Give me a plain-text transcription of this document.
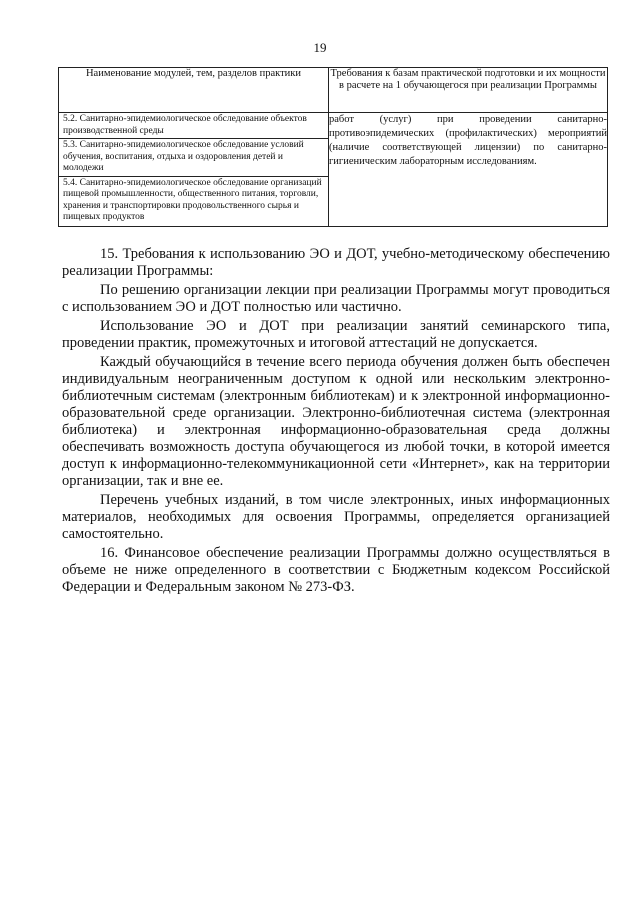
19
Наименование модулей, тем, разделов практики	Требования к базам практической подготовки и их мощности в расчете на 1 обучающегося при реализации Программы

5.2. Санитарно-эпидемиологическое обследование объектов производственной среды
5.3. Санитарно-эпидемиологическое обследование условий обучения, воспитания, отдыха и оздоровления детей и молодежи
5.4. Санитарно-эпидемиологическое обследование организаций пищевой промышленности, общественного питания, торговли, хранения и транспортировки продовольственного сырья и пищевых продуктов	работ (услуг) при проведении санитарно-противоэпидемических (профилактических) мероприятий (наличие соответствующей лицензии) по санитарно-гигиеническим лабораторным исследованиям.

15. Требования к использованию ЭО и ДОТ, учебно-методическому обеспечению реализации Программы:

По решению организации лекции при реализации Программы могут проводиться с использованием ЭО и ДОТ полностью или частично.

Использование ЭО и ДОТ при реализации занятий семинарского типа, проведении практик, промежуточных и итоговой аттестаций не допускается.

Каждый обучающийся в течение всего периода обучения должен быть обеспечен индивидуальным неограниченным доступом к одной или нескольким электронно-библиотечным системам (электронным библиотекам) и к электронной информационно-образовательной среде организации. Электронно-библиотечная система (электронная библиотека) и электронная информационно-образовательная среда должны обеспечивать возможность доступа обучающегося из любой точки, в которой имеется доступ к информационно-телекоммуникационной сети «Интернет», как на территории организации, так и вне ее.

Перечень учебных изданий, в том числе электронных, иных информационных материалов, необходимых для освоения Программы, определяется организацией самостоятельно.

16. Финансовое обеспечение реализации Программы должно осуществляться в объеме не ниже определенного в соответствии с Бюджетным кодексом Российской Федерации и Федеральным законом № 273-ФЗ.
